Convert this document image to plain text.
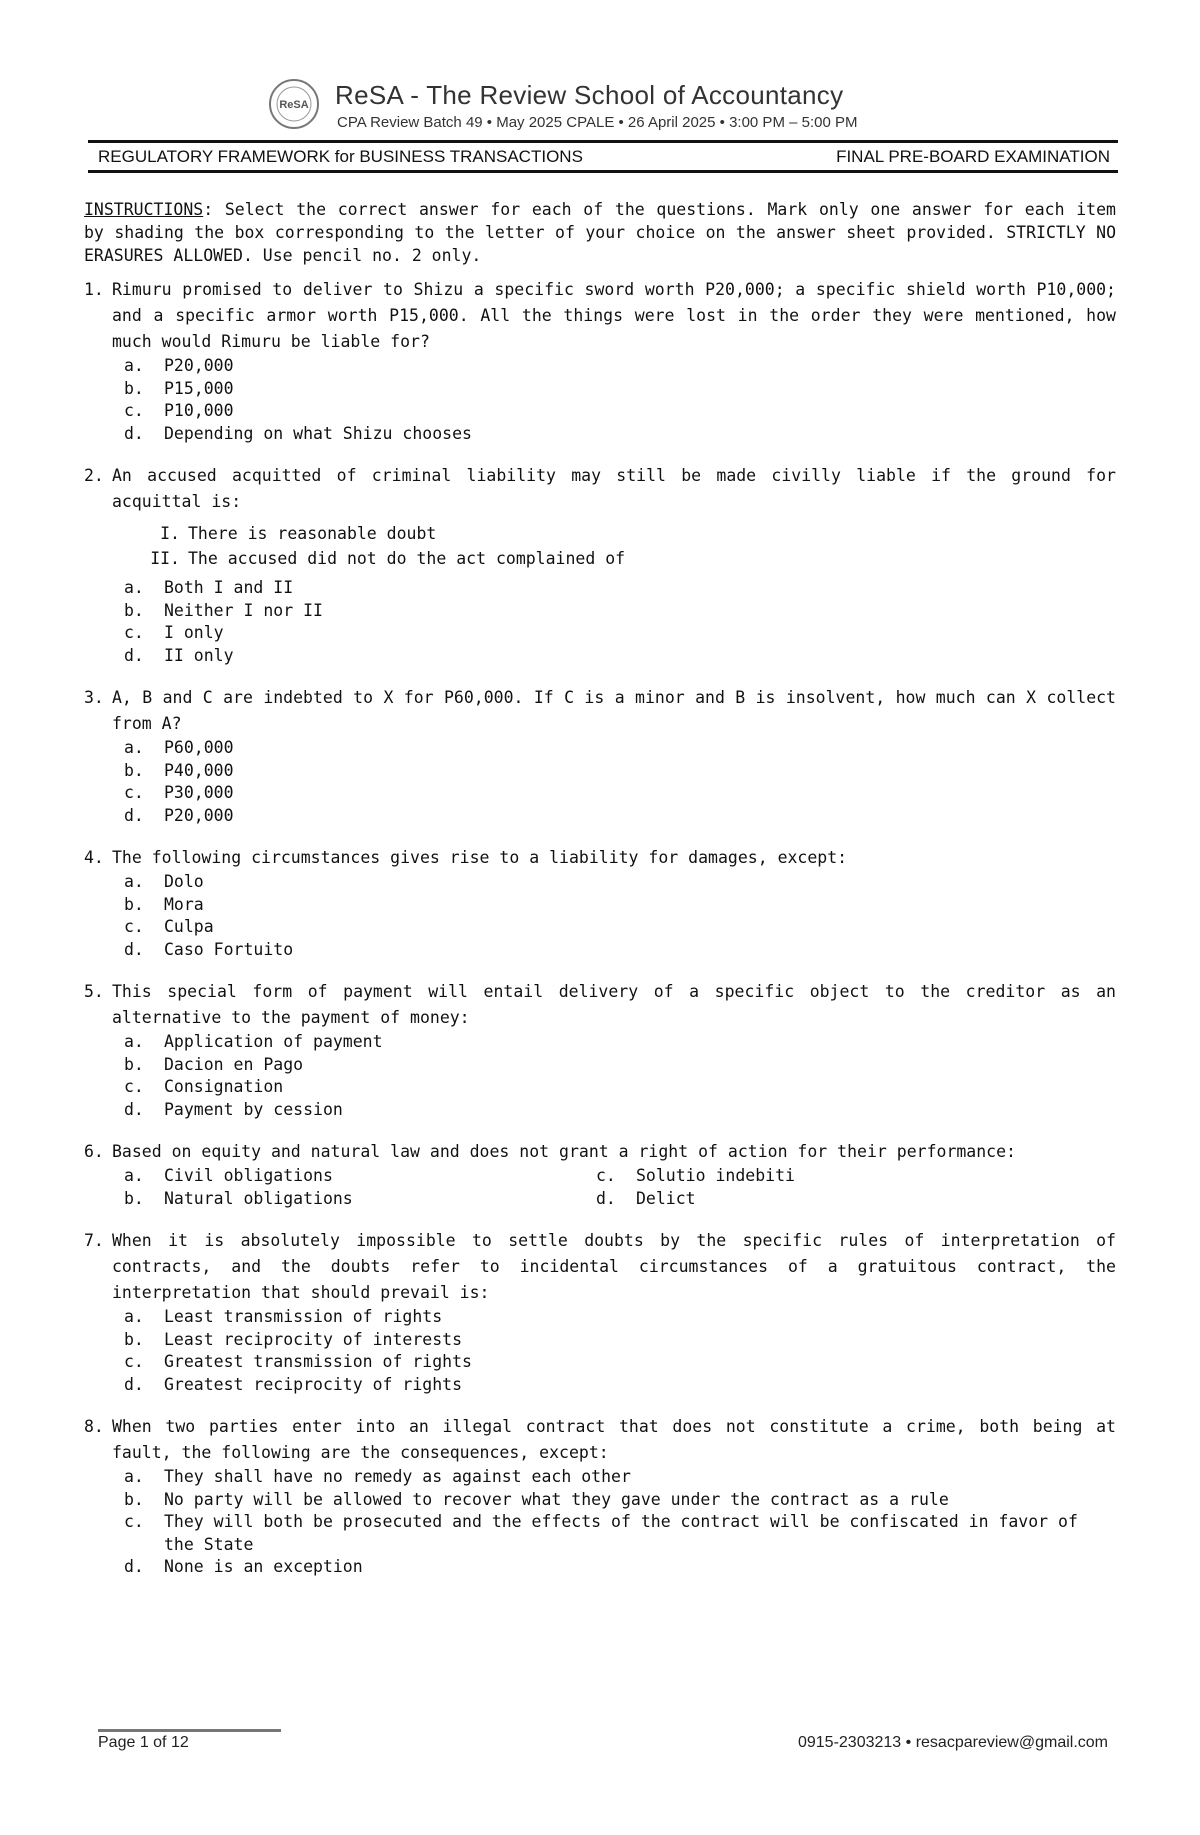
ReSA ReSA - The Review School of Accountancy
CPA Review Batch 49 • May 2025 CPALE • 26 April 2025 • 3:00 PM – 5:00 PM
REGULATORY FRAMEWORK for BUSINESS TRANSACTIONS	FINAL PRE-BOARD EXAMINATION
INSTRUCTIONS: Select the correct answer for each of the questions. Mark only one answer for each item by shading the box corresponding to the letter of your choice on the answer sheet provided. STRICTLY NO ERASURES ALLOWED. Use pencil no. 2 only.
1. Rimuru promised to deliver to Shizu a specific sword worth P20,000; a specific shield worth P10,000; and a specific armor worth P15,000. All the things were lost in the order they were mentioned, how much would Rimuru be liable for?
a.	P20,000
b.	P15,000
c.	P10,000
d.	Depending on what Shizu chooses
2. An accused acquitted of criminal liability may still be made civilly liable if the ground for acquittal is:
I. There is reasonable doubt
II. The accused did not do the act complained of
a.	Both I and II
b.	Neither I nor II
c.	I only
d.	II only
3. A, B and C are indebted to X for P60,000. If C is a minor and B is insolvent, how much can X collect from A?
a.	P60,000
b.	P40,000
c.	P30,000
d.	P20,000
4. The following circumstances gives rise to a liability for damages, except:
a.	Dolo
b.	Mora
c.	Culpa
d.	Caso Fortuito
5. This special form of payment will entail delivery of a specific object to the creditor as an alternative to the payment of money:
a.	Application of payment
b.	Dacion en Pago
c.	Consignation
d.	Payment by cession
6. Based on equity and natural law and does not grant a right of action for their performance:
a.	Civil obligations	c.	Solutio indebiti
b.	Natural obligations	d.	Delict
7. When it is absolutely impossible to settle doubts by the specific rules of interpretation of contracts, and the doubts refer to incidental circumstances of a gratuitous contract, the interpretation that should prevail is:
a.	Least transmission of rights
b.	Least reciprocity of interests
c.	Greatest transmission of rights
d.	Greatest reciprocity of rights
8. When two parties enter into an illegal contract that does not constitute a crime, both being at fault, the following are the consequences, except:
a.	They shall have no remedy as against each other
b.	No party will be allowed to recover what they gave under the contract as a rule
c.	They will both be prosecuted and the effects of the contract will be confiscated in favor of the State
d.	None is an exception
Page 1 of 12	0915-2303213 • resacpareview@gmail.com
